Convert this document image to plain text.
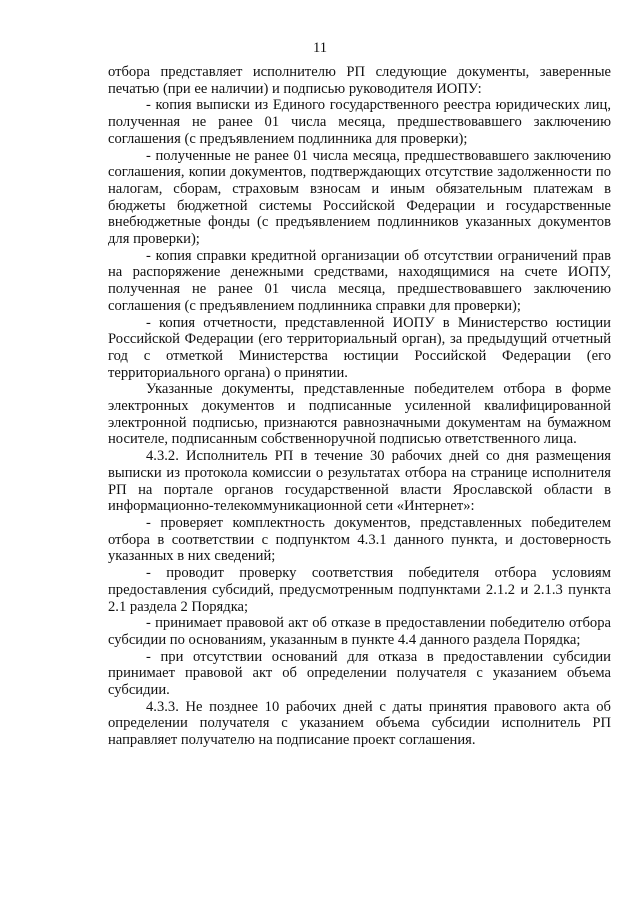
11

отбора представляет исполнителю РП следующие документы, заверенные печатью (при ее наличии) и подписью руководителя ИОПУ:

- копия выписки из Единого государственного реестра юридических лиц, полученная не ранее 01 числа месяца, предшествовавшего заключению соглашения (с предъявлением подлинника для проверки);

- полученные не ранее 01 числа месяца, предшествовавшего заключению соглашения, копии документов, подтверждающих отсутствие задолженности по налогам, сборам, страховым взносам и иным обязательным платежам в бюджеты бюджетной системы Российской Федерации и государственные внебюджетные фонды (с предъявлением подлинников указанных документов для проверки);

- копия справки кредитной организации об отсутствии ограничений прав на распоряжение денежными средствами, находящимися на счете ИОПУ, полученная не ранее 01 числа месяца, предшествовавшего заключению соглашения (с предъявлением подлинника справки для проверки);

- копия отчетности, представленной ИОПУ в Министерство юстиции Российской Федерации (его территориальный орган), за предыдущий отчетный год с отметкой Министерства юстиции Российской Федерации (его территориального органа) о принятии.

Указанные документы, представленные победителем отбора в форме электронных документов и подписанные усиленной квалифицированной электронной подписью, признаются равнозначными документам на бумажном носителе, подписанным собственноручной подписью ответственного лица.

4.3.2. Исполнитель РП в течение 30 рабочих дней со дня размещения выписки из протокола комиссии о результатах отбора на странице исполнителя РП на портале органов государственной власти Ярославской области в информационно-телекоммуникационной сети «Интернет»:

- проверяет комплектность документов, представленных победителем отбора в соответствии с подпунктом 4.3.1 данного пункта, и достоверность указанных в них сведений;

- проводит проверку соответствия победителя отбора условиям предоставления субсидий, предусмотренным подпунктами 2.1.2 и 2.1.3 пункта 2.1 раздела 2 Порядка;

- принимает правовой акт об отказе в предоставлении победителю отбора субсидии по основаниям, указанным в пункте 4.4 данного раздела Порядка;

- при отсутствии оснований для отказа в предоставлении субсидии принимает правовой акт об определении получателя с указанием объема субсидии.

4.3.3. Не позднее 10 рабочих дней с даты принятия правового акта об определении получателя с указанием объема субсидии исполнитель РП направляет получателю на подписание проект соглашения.
